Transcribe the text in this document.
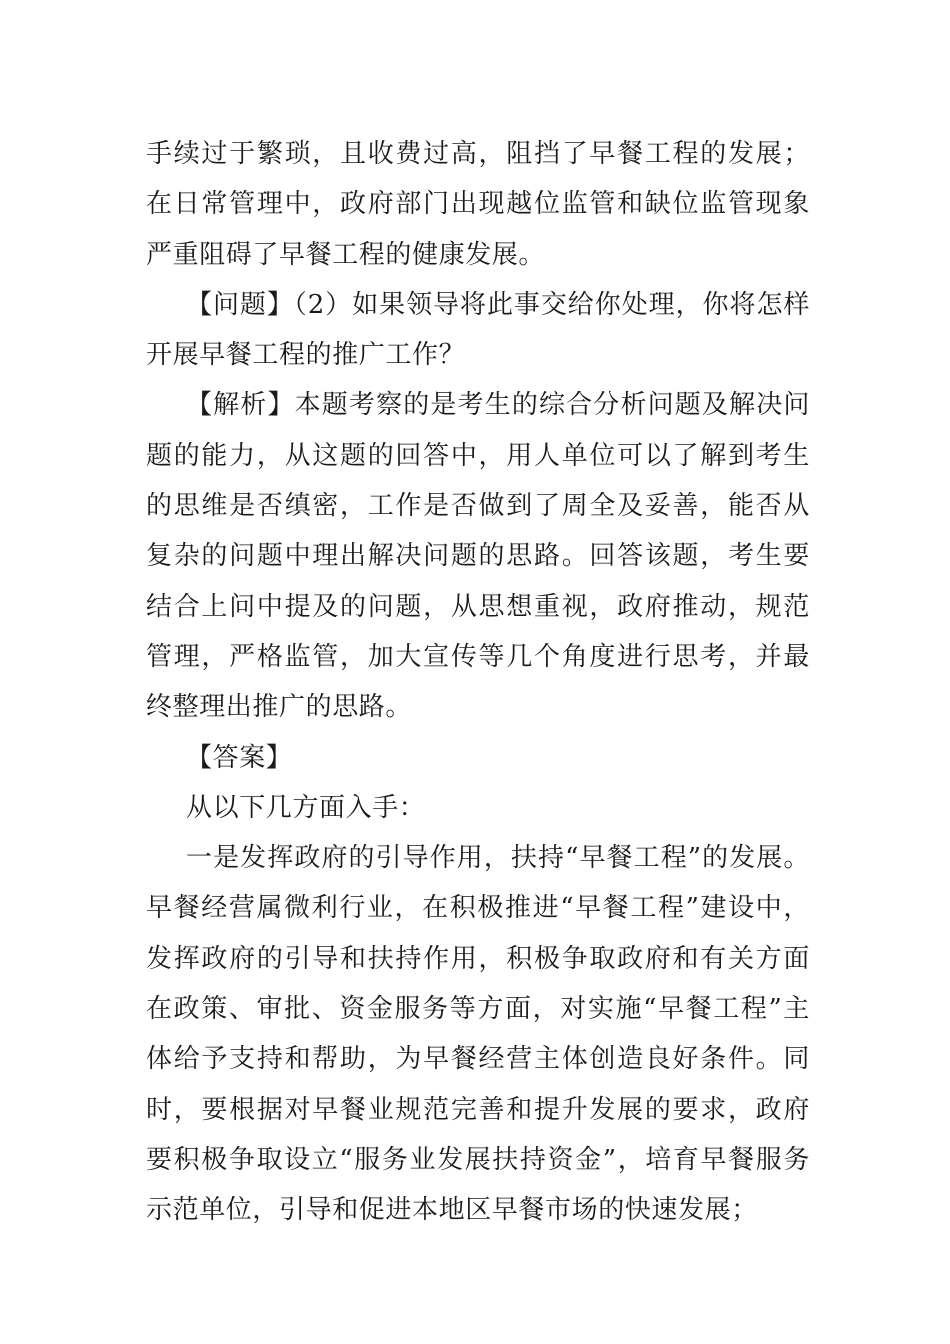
手续过于繁琐，且收费过高，阻挡了早餐工程的发展；在日常管理中，政府部门出现越位监管和缺位监管现象严重阻碍了早餐工程的健康发展。

【问题】（2）如果领导将此事交给你处理，你将怎样开展早餐工程的推广工作？

【解析】本题考察的是考生的综合分析问题及解决问题的能力，从这题的回答中，用人单位可以了解到考生的思维是否缜密，工作是否做到了周全及妥善，能否从复杂的问题中理出解决问题的思路。回答该题，考生要结合上问中提及的问题，从思想重视，政府推动，规范管理，严格监管，加大宣传等几个角度进行思考，并最终整理出推广的思路。

【答案】

从以下几方面入手：

一是发挥政府的引导作用，扶持“早餐工程”的发展。早餐经营属微利行业，在积极推进“早餐工程”建设中，发挥政府的引导和扶持作用，积极争取政府和有关方面在政策、审批、资金服务等方面，对实施“早餐工程”主体给予支持和帮助，为早餐经营主体创造良好条件。同时，要根据对早餐业规范完善和提升发展的要求，政府要积极争取设立“服务业发展扶持资金”，培育早餐服务示范单位，引导和促进本地区早餐市场的快速发展；
